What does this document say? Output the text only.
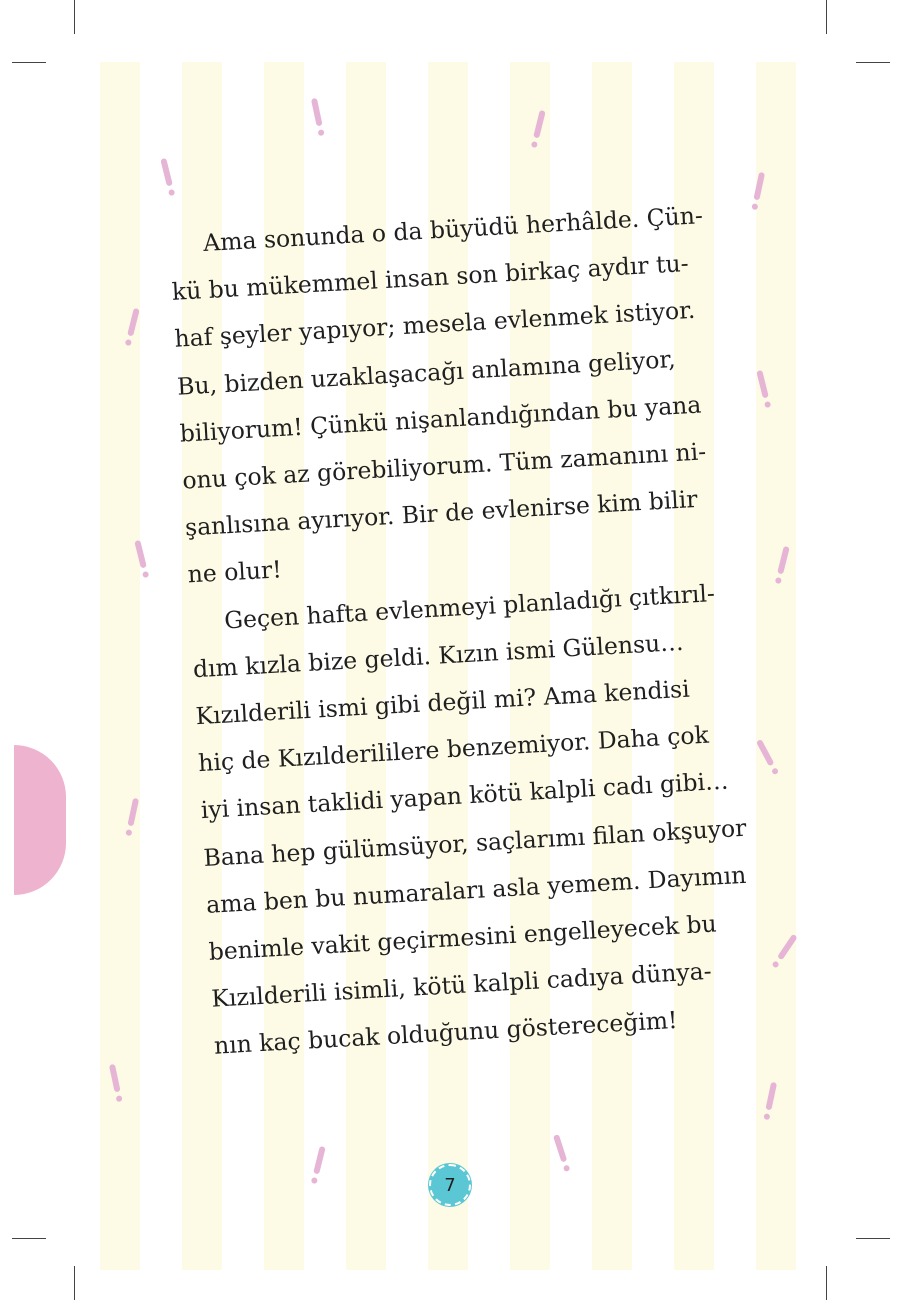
Ama sonunda o da büyüdü herhâlde. Çün-
kü bu mükemmel insan son birkaç aydır tu-
haf şeyler yapıyor; mesela evlenmek istiyor.
Bu, bizden uzaklaşacağı anlamına geliyor,
biliyorum! Çünkü nişanlandığından bu yana
onu çok az görebiliyorum. Tüm zamanını ni-
şanlısına ayırıyor. Bir de evlenirse kim bilir
ne olur!
Geçen hafta evlenmeyi planladığı çıtkırıl-
dım kızla bize geldi. Kızın ismi Gülensu…
Kızılderili ismi gibi değil mi? Ama kendisi
hiç de Kızılderililere benzemiyor. Daha çok
iyi insan taklidi yapan kötü kalpli cadı gibi…
Bana hep gülümsüyor, saçlarımı filan okşuyor
ama ben bu numaraları asla yemem. Dayımın
benimle vakit geçirmesini engelleyecek bu
Kızılderili isimli, kötü kalpli cadıya dünya-
nın kaç bucak olduğunu göstereceğim!
7
